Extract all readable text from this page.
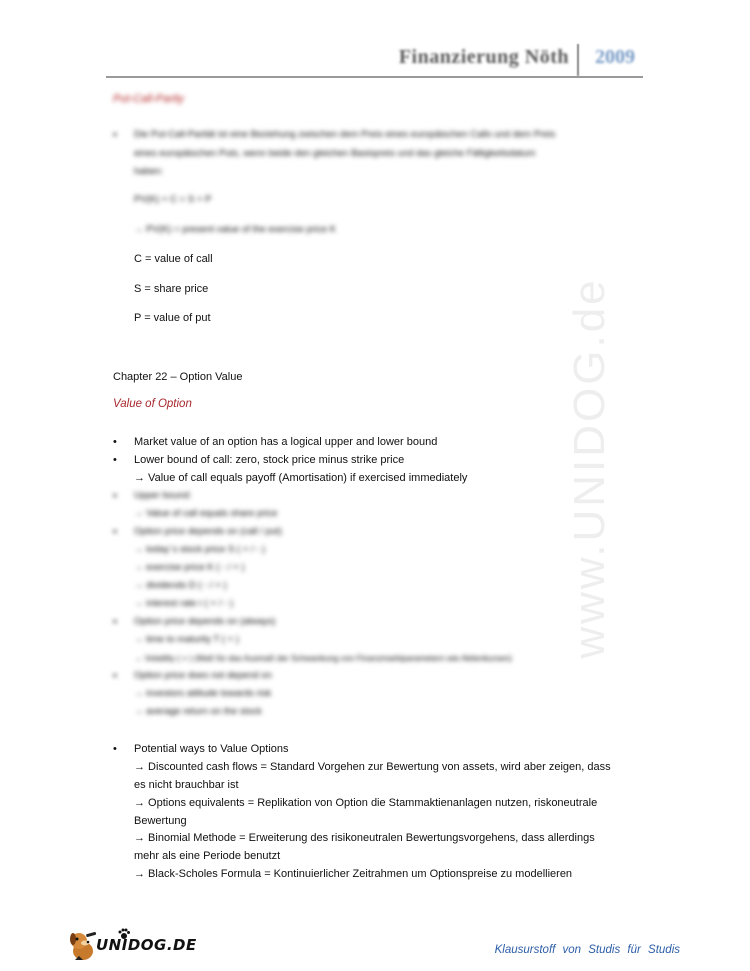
Finanzierung Nöth 2009
www.UNIDOG.de
Put-Call-Parity
• Die Put-Call-Parität ist eine Beziehung zwischen dem Preis eines europäischen Calls und dem Preis
eines europäischen Puts, wenn beide den gleichen Basispreis und das gleiche Fälligkeitsdatum
haben:
PV(K) + C = S + P
→ PV(K) = present value of the exercise price K
C = value of call
S = share price
P = value of put
Chapter 22 – Option Value
Value of Option
• Market value of an option has a logical upper and lower bound
• Lower bound of call: zero, stock price minus strike price
→ Value of call equals payoff (Amortisation) if exercised immediately
• Upper bound:
→ Value of call equals share price
• Option price depends on (call / put)
→ today´s stock price S ( + / - )
→ exercise price K ( - / + )
→ dividends D ( - / + )
→ interest rate r ( + / - )
• Option price depends on (always)
→ time to maturity T ( + )
→ Volatility ( + ) (Maß für das Ausmaß der Schwankung von Finanzmarktparametern wie Aktienkursen)
• Option price does not depend on
→ investors attitude towards risk
→ average return on the stock
• Potential ways to Value Options
→ Discounted cash flows = Standard Vorgehen zur Bewertung von assets, wird aber zeigen, dass
es nicht brauchbar ist
→ Options equivalents = Replikation von Option die Stammaktienanlagen nutzen, riskoneutrale
Bewertung
→ Binomial Methode = Erweiterung des risikoneutralen Bewertungsvorgehens, dass allerdings
mehr als eine Periode benutzt
→ Black-Scholes Formula = Kontinuierlicher Zeitrahmen um Optionspreise zu modellieren
UNIDOG.DE	Klausurstoff von Studis für Studis
